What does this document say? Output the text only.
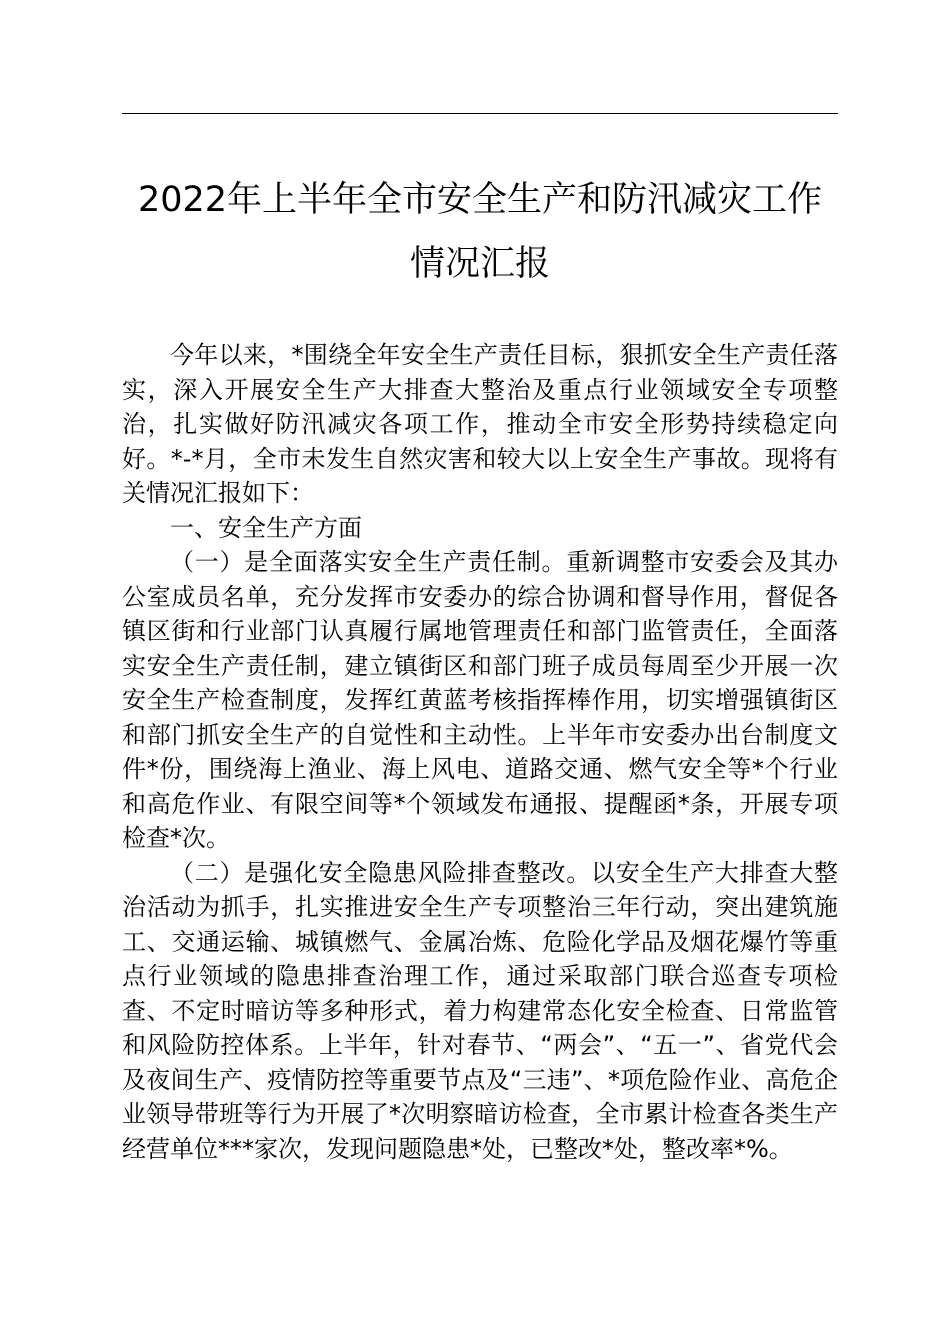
2022年上半年全市安全生产和防汛减灾工作情况汇报

今年以来，*围绕全年安全生产责任目标，狠抓安全生产责任落实，深入开展安全生产大排查大整治及重点行业领域安全专项整治，扎实做好防汛减灾各项工作，推动全市安全形势持续稳定向好。*-*月，全市未发生自然灾害和较大以上安全生产事故。现将有关情况汇报如下：

一、安全生产方面

（一）是全面落实安全生产责任制。重新调整市安委会及其办公室成员名单，充分发挥市安委办的综合协调和督导作用，督促各镇区街和行业部门认真履行属地管理责任和部门监管责任，全面落实安全生产责任制，建立镇街区和部门班子成员每周至少开展一次安全生产检查制度，发挥红黄蓝考核指挥棒作用，切实增强镇街区和部门抓安全生产的自觉性和主动性。上半年市安委办出台制度文件*份，围绕海上渔业、海上风电、道路交通、燃气安全等*个行业和高危作业、有限空间等*个领域发布通报、提醒函*条，开展专项检查*次。

（二）是强化安全隐患风险排查整改。以安全生产大排查大整治活动为抓手，扎实推进安全生产专项整治三年行动，突出建筑施工、交通运输、城镇燃气、金属冶炼、危险化学品及烟花爆竹等重点行业领域的隐患排查治理工作，通过采取部门联合巡查专项检查、不定时暗访等多种形式，着力构建常态化安全检查、日常监管和风险防控体系。上半年，针对春节、“两会”、“五一”、省党代会及夜间生产、疫情防控等重要节点及“三违”、*项危险作业、高危企业领导带班等行为开展了*次明察暗访检查，全市累计检查各类生产经营单位***家次，发现问题隐患*处，已整改*处，整改率*%。
